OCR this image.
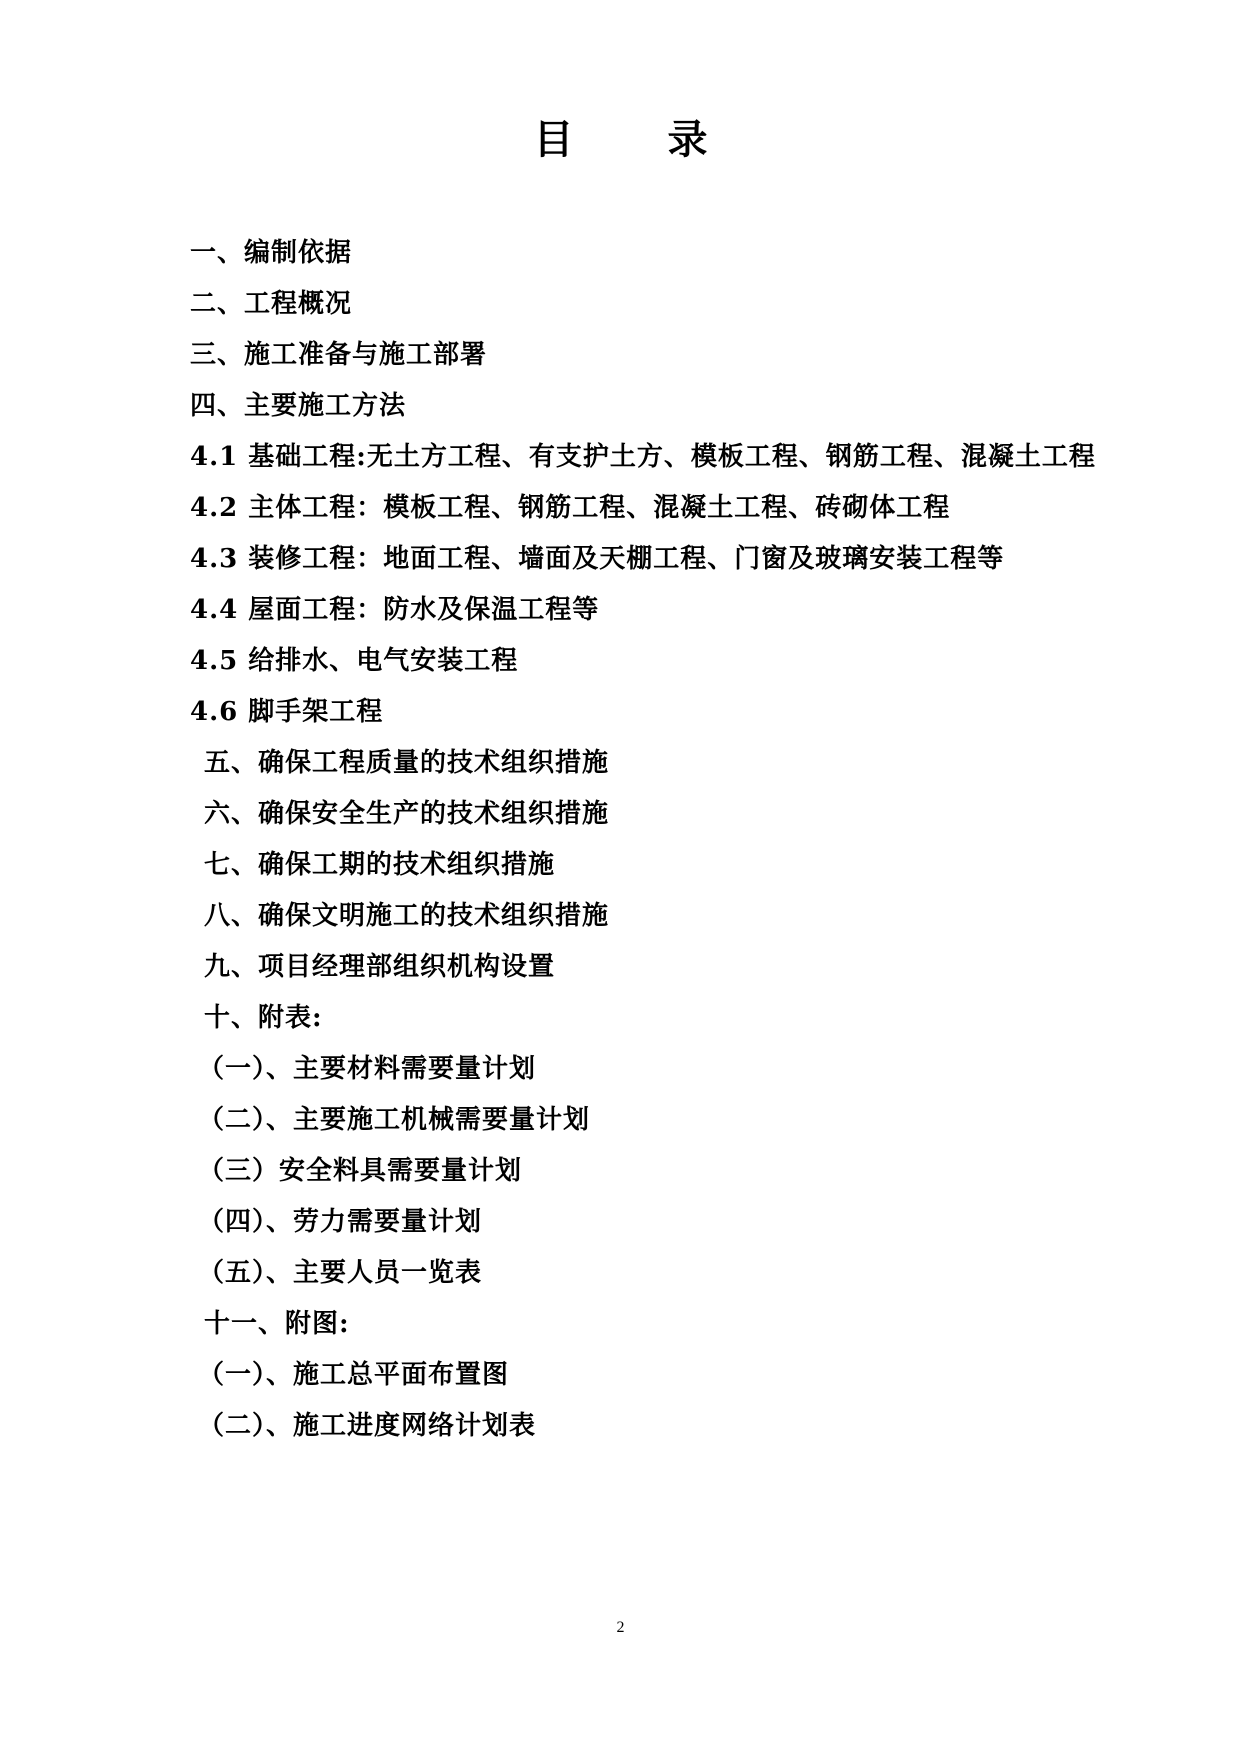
目 录
一、编制依据
二、工程概况
三、施工准备与施工部署
四、主要施工方法
4.1 基础工程:无土方工程、有支护土方、模板工程、钢筋工程、混凝土工程
4.2 主体工程：模板工程、钢筋工程、混凝土工程、砖砌体工程
4.3 装修工程：地面工程、墙面及天棚工程、门窗及玻璃安装工程等
4.4 屋面工程：防水及保温工程等
4.5 给排水、电气安装工程
4.6 脚手架工程
五、确保工程质量的技术组织措施
六、确保安全生产的技术组织措施
七、确保工期的技术组织措施
八、确保文明施工的技术组织措施
九、项目经理部组织机构设置
十、附表:
（一）、主要材料需要量计划
（二）、主要施工机械需要量计划
（三）安全料具需要量计划
（四）、劳力需要量计划
（五）、主要人员一览表
十一、附图:
（一）、施工总平面布置图
（二）、施工进度网络计划表
2
